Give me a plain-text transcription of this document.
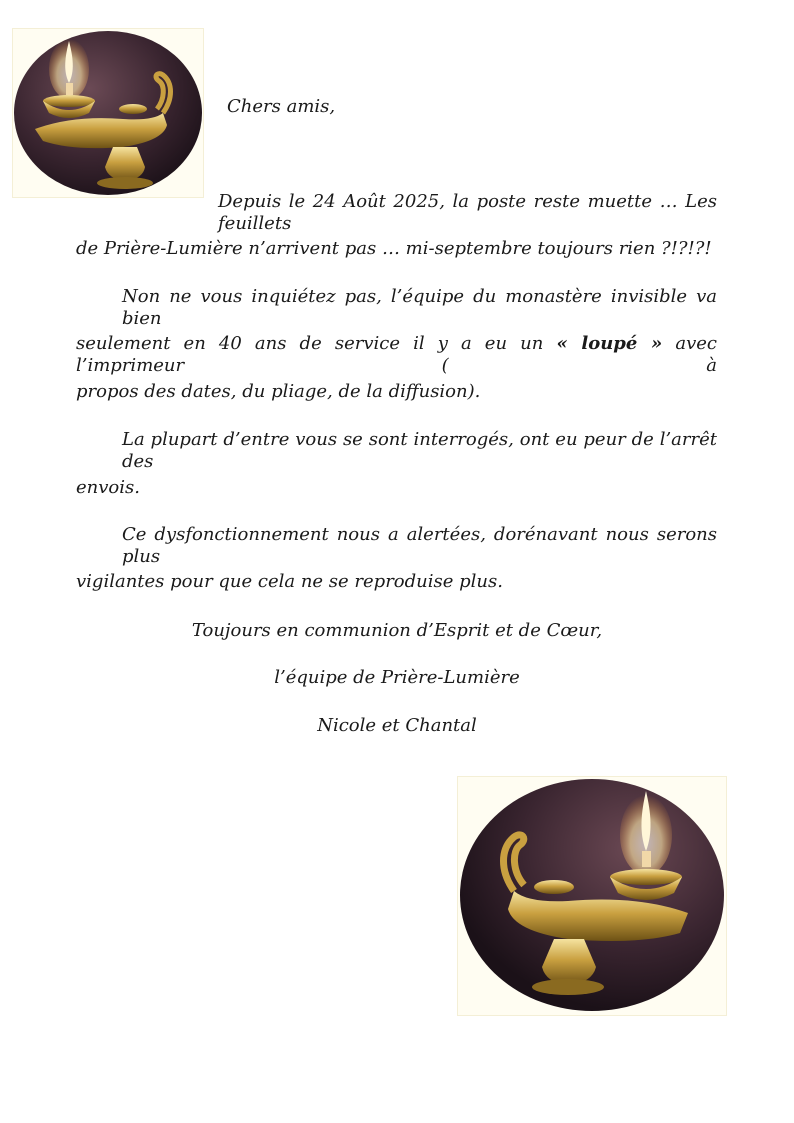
Chers amis,
Depuis le 24 Août 2025, la poste reste muette … Les feuillets
de Prière-Lumière n’arrivent pas … mi-septembre toujours rien ?!?!?!
Non ne vous inquiétez pas, l’équipe du monastère invisible va bien
seulement en 40 ans de service il y a eu un « loupé » avec l’imprimeur ( à
propos des dates, du pliage, de la diffusion).
La plupart d’entre vous se sont interrogés, ont eu peur de l’arrêt des
envois.
Ce dysfonctionnement nous a alertées, dorénavant nous serons plus
vigilantes pour que cela ne se reproduise plus.
Toujours en communion d’Esprit et de Cœur,
l’équipe de Prière-Lumière
Nicole et Chantal
